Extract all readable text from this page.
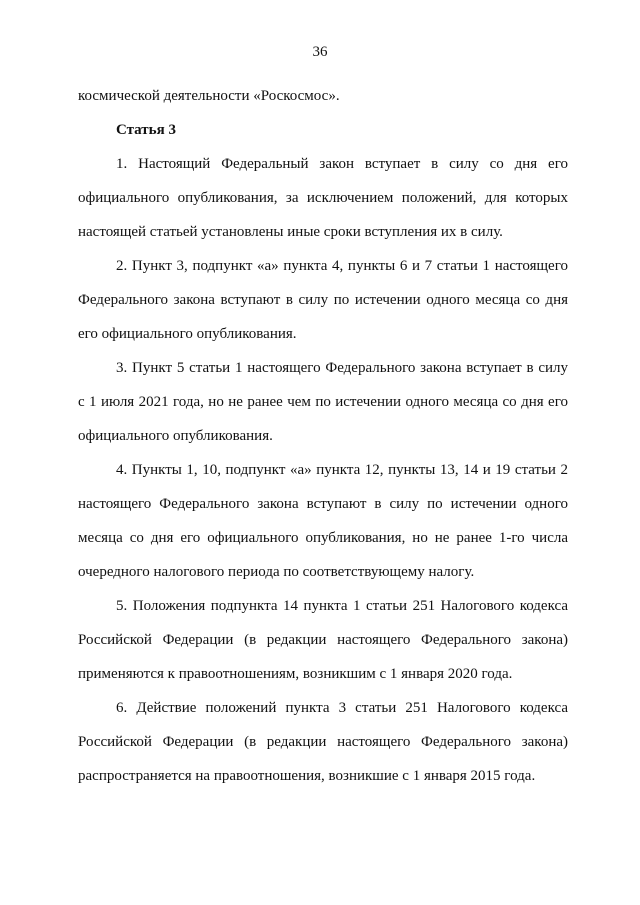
36
космической деятельности «Роскосмос».
Статья 3
1. Настоящий Федеральный закон вступает в силу со дня его
официального опубликования, за исключением положений, для которых
настоящей статьей установлены иные сроки вступления их в силу.
2. Пункт 3, подпункт «а» пункта 4, пункты 6 и 7 статьи 1 настоящего
Федерального закона вступают в силу по истечении одного месяца со дня
его официального опубликования.
3. Пункт 5 статьи 1 настоящего Федерального закона вступает в силу
с 1 июля 2021 года, но не ранее чем по истечении одного месяца со дня его
официального опубликования.
4. Пункты 1, 10, подпункт «а» пункта 12, пункты 13, 14 и 19 статьи 2
настоящего Федерального закона вступают в силу по истечении одного
месяца со дня его официального опубликования, но не ранее 1-го числа
очередного налогового периода по соответствующему налогу.
5. Положения подпункта 14 пункта 1 статьи 251 Налогового кодекса
Российской Федерации (в редакции настоящего Федерального закона)
применяются к правоотношениям, возникшим с 1 января 2020 года.
6. Действие положений пункта 3 статьи 251 Налогового кодекса
Российской Федерации (в редакции настоящего Федерального закона)
распространяется на правоотношения, возникшие с 1 января 2015 года.
